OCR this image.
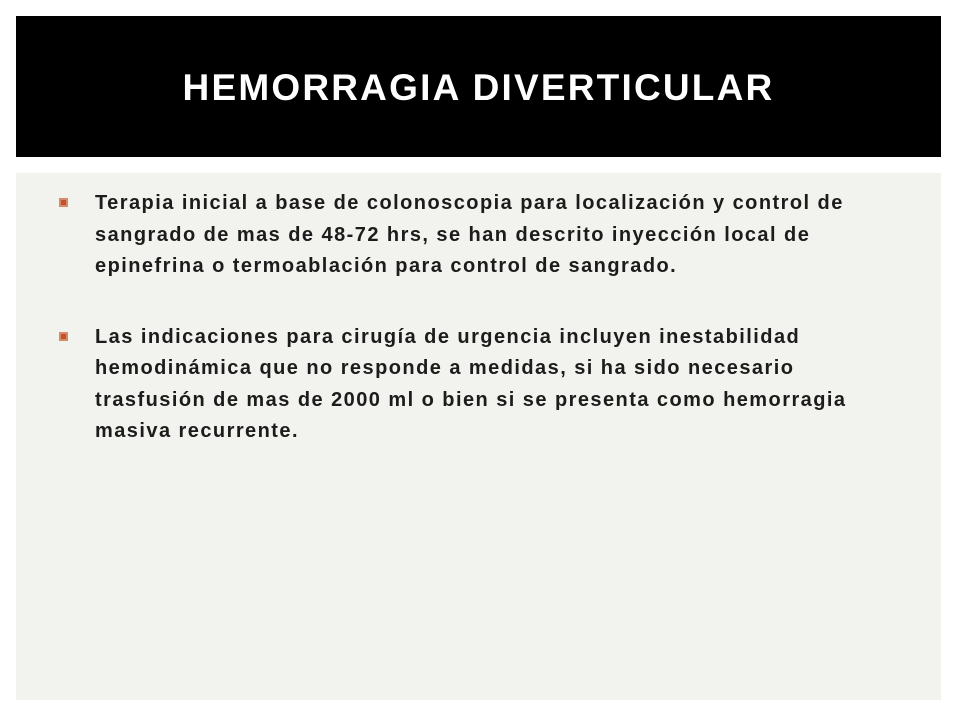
HEMORRAGIA DIVERTICULAR
Terapia inicial a base de colonoscopia para localización y control de sangrado de mas de 48-72 hrs, se han descrito inyección local de epinefrina o termoablación para control de sangrado.
Las indicaciones para cirugía de urgencia incluyen inestabilidad hemodinámica que no responde a medidas, si ha sido necesario trasfusión de mas de 2000 ml o bien si se presenta como hemorragia masiva recurrente.
